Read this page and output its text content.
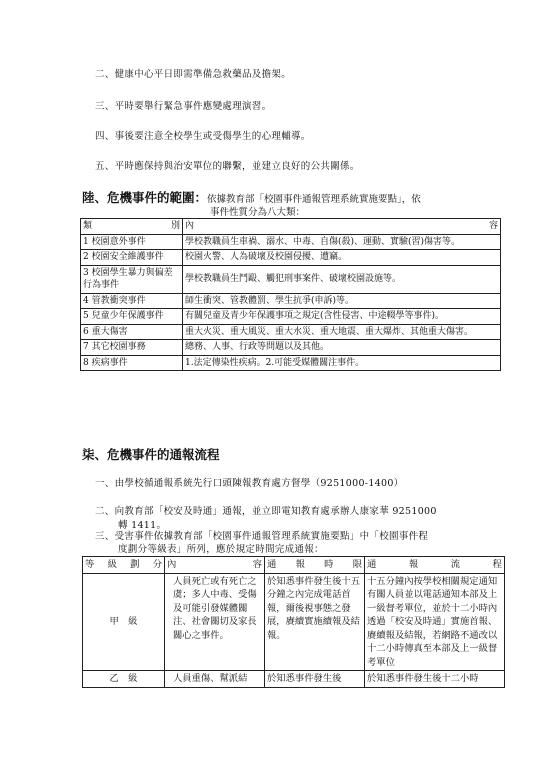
二、健康中心平日即需準備急救藥品及擔架。
三、平時要舉行緊急事件應變處理演習。
四、事後要注意全校學生或受傷學生的心理輔導。
五、平時應保持與治安單位的聯繫，並建立良好的公共關係。
陸、危機事件的範圍：依據教育部「校園事件通報管理系統實施要點」，依
事件性質分為八大類：
類 別	內 容

1 校園意外事件	學校教職員生車禍、溺水、中毒、自傷(殺)、運動、實驗(習)傷害等。
2 校園安全維護事件	校園火警、人為破壞及校園侵擾、遭竊。
3 校園學生暴力與偏差行為事件	學校教職員生鬥毆、觸犯刑事案件、破壞校園設施等。
4 管教衝突事件	師生衝突、管教體罰、學生抗爭(申訴)等。
5 兒童少年保護事件	有關兒童及青少年保護事項之規定(含性侵害、中途輟學等事件)。
6 重大傷害	重大火災、重大風災、重大水災、重大地震、重大爆炸、其他重大傷害。
7 其它校園事務	總務、人事、行政等問題以及其他。
8 疾病事件	1.法定傳染性疾病。2.可能受媒體關注事件。
柒、危機事件的通報流程
一、由學校循通報系統先行口頭陳報教育處方督學（9251000-1400）
二、向教育部「校安及時通」通報，並立即電知教育處承辦人康家華 9251000
轉 1411。
三、受害事件依據教育部「校園事件通報管理系統實施要點」中「校園事件程
度劃分等級表」所列，應於規定時間完成通報：
等 級 劃 分	內 容	通 報 時 限	通 報 流 程

甲　級	人員死亡或有死亡之虞；多人中毒、受傷及可能引發媒體關注、社會關切及家長關心之事件。	於知悉事件發生後十五分鐘之內完成電話首報，爾後視事態之發展，賡續實施續報及結報。	十五分鐘內按學校相關規定通知有關人員並以電話通知本部及上一級督考單位，並於十二小時內透過「校安及時通」實施首報、賡續報及結報，若網路不通改以十二小時傳真至本部及上一級督考單位
乙　級	人員重傷、幫派結	於知悉事件發生後	於知悉事件發生後十二小時
